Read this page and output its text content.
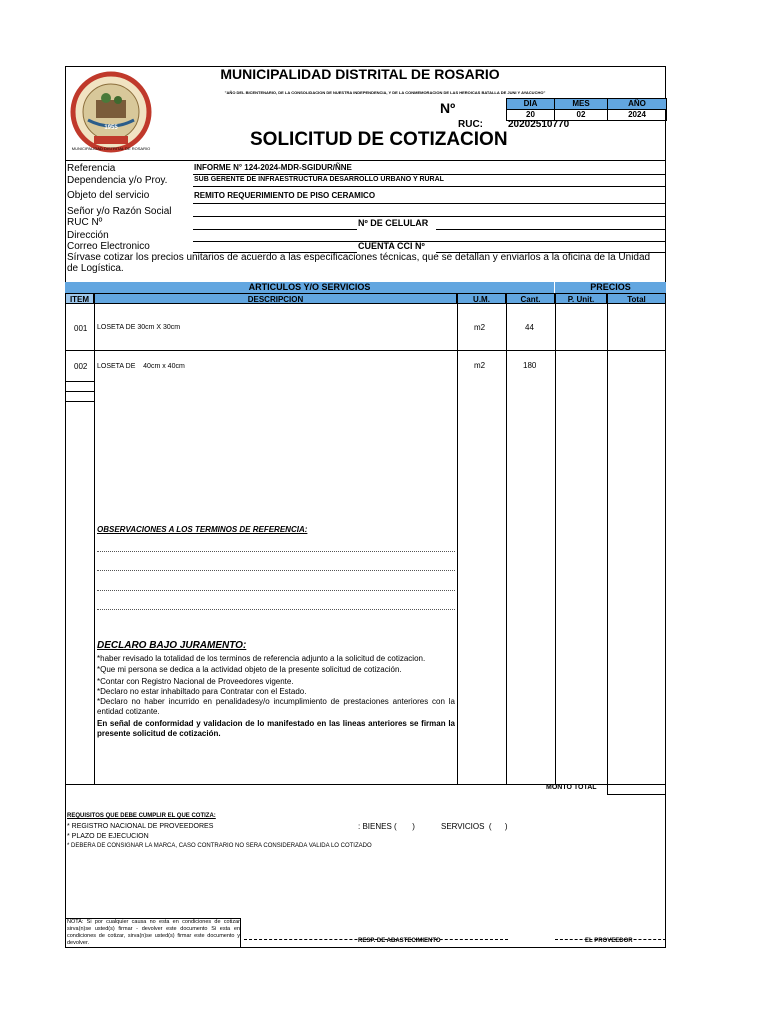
1955
MUNICIPALIDAD DISTRITAL DE ROSARIO
MUNICIPALIDAD DISTRITAL DE ROSARIO
"AÑO DEL BICENTENARIO, DE LA CONSOLIDACION DE NUESTRA INDEPENDENCIA, Y DE LA CONMEMORACION DE LAS HEROICAS BATALLA DE JUNI Y AYACUCHO"
Nº	DIA	MES	AÑO
20	02	2024
RUC:	20202510770
SOLICITUD DE COTIZACION
Referencia	INFORME N° 124-2024-MDR-SGIDUR/ÑNE
Dependencia y/o Proy.	SUB GERENTE DE INFRAESTRUCTURA DESARROLLO URBANO Y RURAL
Objeto del servicio	REMITO REQUERIMIENTO DE PISO CERAMICO
Señor y/o Razón Social
RUC Nº	Nº DE CELULAR
Dirección
Correo Electronico	CUENTA CCI Nº
Sírvase cotizar los precios unitarios de acuerdo a las especificaciones técnicas, que se detallan y enviarlos a la oficina de la Unidad de Logística.
ARTICULOS Y/O SERVICIOS	PRECIOS
ITEM	DESCRIPCION	U.M.	Cant.	P. Unit.	Total
001 LOSETA DE 30cm X 30cm	m2	44
002 LOSETA DE    40cm x 40cm	m2	180
OBSERVACIONES A LOS TERMINOS DE REFERENCIA:
DECLARO BAJO JURAMENTO:
*haber revisado la totalidad de los terminos de referencia adjunto a la solicitud de cotizacion.
*Que mi persona se dedica a la actividad objeto de la presente solicitud de cotización.
*Contar con Registro Nacional de Proveedores vigente.
*Declaro no estar inhabiltado para Contratar con el Estado.
*Declaro no haber incurrido en penalidadesy/o incumplimiento de prestaciones anteriores con la entidad cotizante.
En señal de conformidad y validacion de lo manifestado en las lineas anteriores se firman la presente solicitud de cotización.
MONTO TOTAL
REQUISITOS QUE DEBE CUMPLIR EL QUE COTIZA:
* REGISTRO NACIONAL DE PROVEEDORES
* PLAZO DE EJECUCION
* DEBERA DE CONSIGNAR LA MARCA, CASO CONTRARIO NO SERA CONSIDERADA VALIDA LO COTIZADO
: BIENES (       )	SERVICIOS  (      )
NOTA: Si por cualquier causa no esta en condiciones de cotizar sirva(n)se usted(s) firmar - devolver este documento Si esta en condiciones de cotizar, sirva(n)se usted(s) firmar este documento y devolver.	RESP. DE ABASTECIMIENTO	EL PROVEEDOR
